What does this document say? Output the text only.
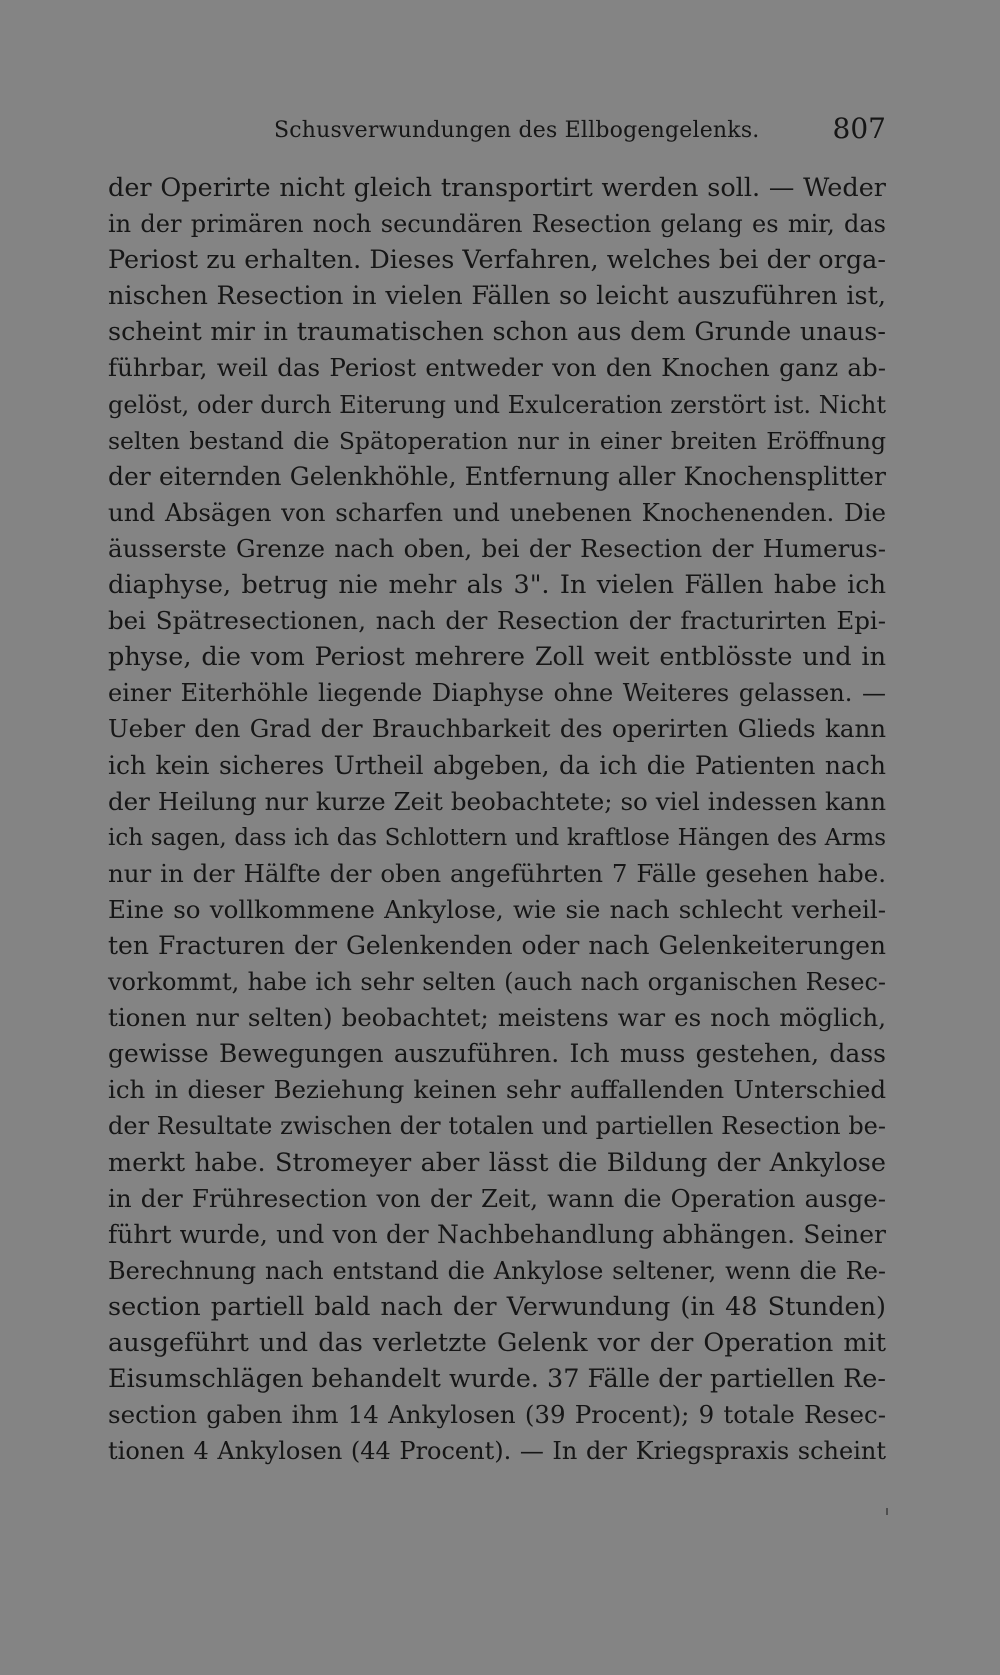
Schusverwundungen des Ellbogengelenks.	807
der Operirte nicht gleich transportirt werden soll. — Weder
in der primären noch secundären Resection gelang es mir, das
Periost zu erhalten. Dieses Verfahren, welches bei der orga-
nischen Resection in vielen Fällen so leicht auszuführen ist,
scheint mir in traumatischen schon aus dem Grunde unaus-
führbar, weil das Periost entweder von den Knochen ganz ab-
gelöst, oder durch Eiterung und Exulceration zerstört ist. Nicht
selten bestand die Spätoperation nur in einer breiten Eröffnung
der eiternden Gelenkhöhle, Entfernung aller Knochensplitter
und Absägen von scharfen und unebenen Knochenenden. Die
äusserste Grenze nach oben, bei der Resection der Humerus-
diaphyse, betrug nie mehr als 3". In vielen Fällen habe ich
bei Spätresectionen, nach der Resection der fracturirten Epi-
physe, die vom Periost mehrere Zoll weit entblösste und in
einer Eiterhöhle liegende Diaphyse ohne Weiteres gelassen. —
Ueber den Grad der Brauchbarkeit des operirten Glieds kann
ich kein sicheres Urtheil abgeben, da ich die Patienten nach
der Heilung nur kurze Zeit beobachtete; so viel indessen kann
ich sagen, dass ich das Schlottern und kraftlose Hängen des Arms
nur in der Hälfte der oben angeführten 7 Fälle gesehen habe.
Eine so vollkommene Ankylose, wie sie nach schlecht verheil-
ten Fracturen der Gelenkenden oder nach Gelenkeiterungen
vorkommt, habe ich sehr selten (auch nach organischen Resec-
tionen nur selten) beobachtet; meistens war es noch möglich,
gewisse Bewegungen auszuführen. Ich muss gestehen, dass
ich in dieser Beziehung keinen sehr auffallenden Unterschied
der Resultate zwischen der totalen und partiellen Resection be-
merkt habe. Stromeyer aber lässt die Bildung der Ankylose
in der Frühresection von der Zeit, wann die Operation ausge-
führt wurde, und von der Nachbehandlung abhängen. Seiner
Berechnung nach entstand die Ankylose seltener, wenn die Re-
section partiell bald nach der Verwundung (in 48 Stunden)
ausgeführt und das verletzte Gelenk vor der Operation mit
Eisumschlägen behandelt wurde. 37 Fälle der partiellen Re-
section gaben ihm 14 Ankylosen (39 Procent); 9 totale Resec-
tionen 4 Ankylosen (44 Procent). — In der Kriegspraxis scheint
